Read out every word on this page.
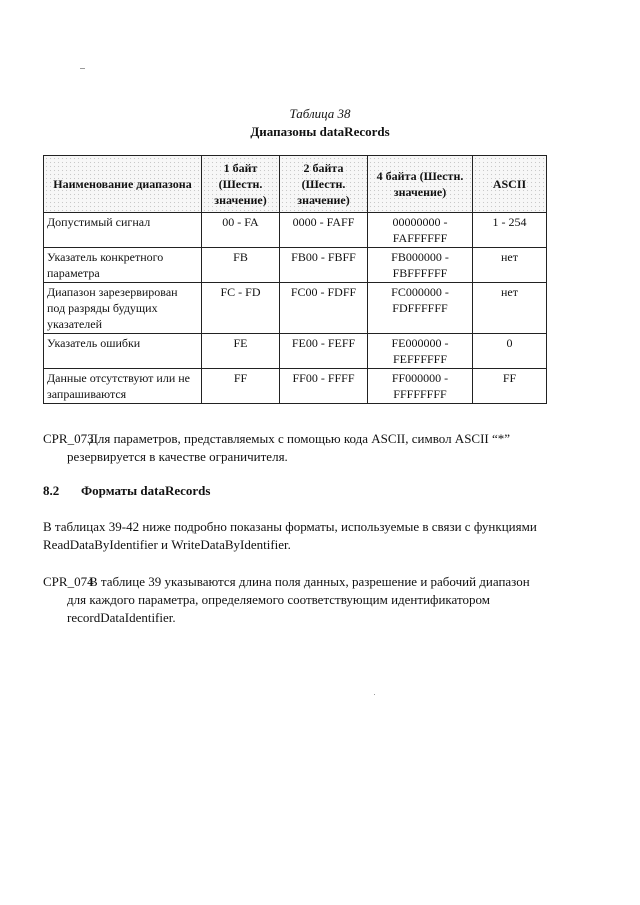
Таблица 38
Диапазоны dataRecords
Наименование диапазона	1 байт (Шестн. значение)	2 байта (Шестн. значение)	4 байта (Шестн. значение)	ASCII
Допустимый сигнал	00 - FA	0000 - FAFF	00000000 - FAFFFFFF	1 - 254
Указатель конкретного параметра	FB	FB00 - FBFF	FB000000 - FBFFFFFF	нет
Диапазон зарезервирован под разряды будущих указателей	FC - FD	FC00 - FDFF	FC000000 - FDFFFFFF	нет
Указатель ошибки	FE	FE00 - FEFF	FE000000 - FEFFFFFF	0
Данные отсутствуют или не запрашиваются	FF	FF00 - FFFF	FF000000 - FFFFFFFF	FF
CPR_073Для параметров, представляемых с помощью кода ASCII, символ ASCII “*”
резервируется в качестве ограничителя.
8.2 Форматы dataRecords
В таблицах 39-42 ниже подробно показаны форматы, используемые в связи с функциями
ReadDataByIdentifier и WriteDataByIdentifier.
CPR_074В таблице 39 указываются длина поля данных, разрешение и рабочий диапазон
для каждого параметра, определяемого соответствующим идентификатором
recordDataIdentifier.
